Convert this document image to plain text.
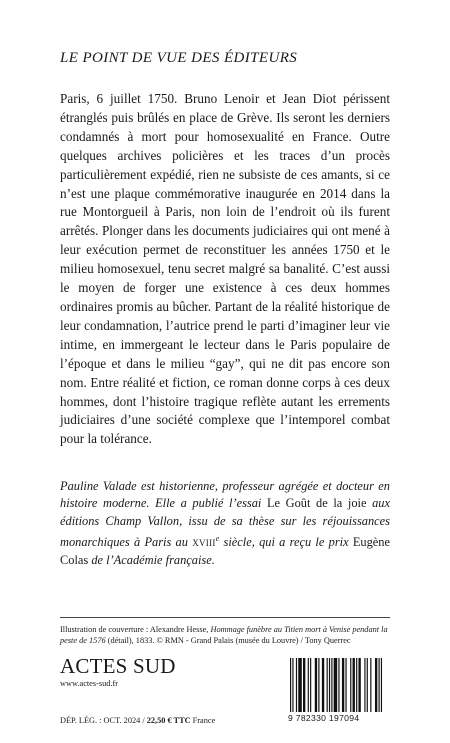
LE POINT DE VUE DES ÉDITEURS

Paris, 6 juillet 1750. Bruno Lenoir et Jean Diot périssent étranglés puis brûlés en place de Grève. Ils seront les derniers condamnés à mort pour homosexualité en France. Outre quelques archives policières et les traces d’un procès particulièrement expédié, rien ne subsiste de ces amants, si ce n’est une plaque commémorative inaugurée en 2014 dans la rue Montorgueil à Paris, non loin de l’endroit où ils furent arrêtés. Plonger dans les documents judiciaires qui ont mené à leur exécution permet de reconstituer les années 1750 et le milieu homosexuel, tenu secret malgré sa banalité. C’est aussi le moyen de forger une existence à ces deux hommes ordinaires promis au bûcher. Partant de la réalité historique de leur condamnation, l’autrice prend le parti d’imaginer leur vie intime, en immergeant le lecteur dans le Paris populaire de l’époque et dans le milieu “gay”, qui ne dit pas encore son nom. Entre réalité et fiction, ce roman donne corps à ces deux hommes, dont l’histoire tragique reflète autant les errements judiciaires d’une société complexe que l’intemporel combat pour la tolérance.

Pauline Valade est historienne, professeur agrégée et docteur en histoire moderne. Elle a publié l’essai Le Goût de la joie aux éditions Champ Vallon, issu de sa thèse sur les réjouissances monarchiques à Paris au XVIIIe siècle, qui a reçu le prix Eugène Colas de l’Académie française.

Illustration de couverture : Alexandre Hesse, Hommage funèbre au Titien mort à Venise pendant la peste de 1576 (détail), 1833. © RMN - Grand Palais (musée du Louvre) / Tony Querrec

ACTES SUD
www.actes-sud.fr
DÉP. LÉG. : OCT. 2024 / 22,50 € TTC France	9 782330 197094
